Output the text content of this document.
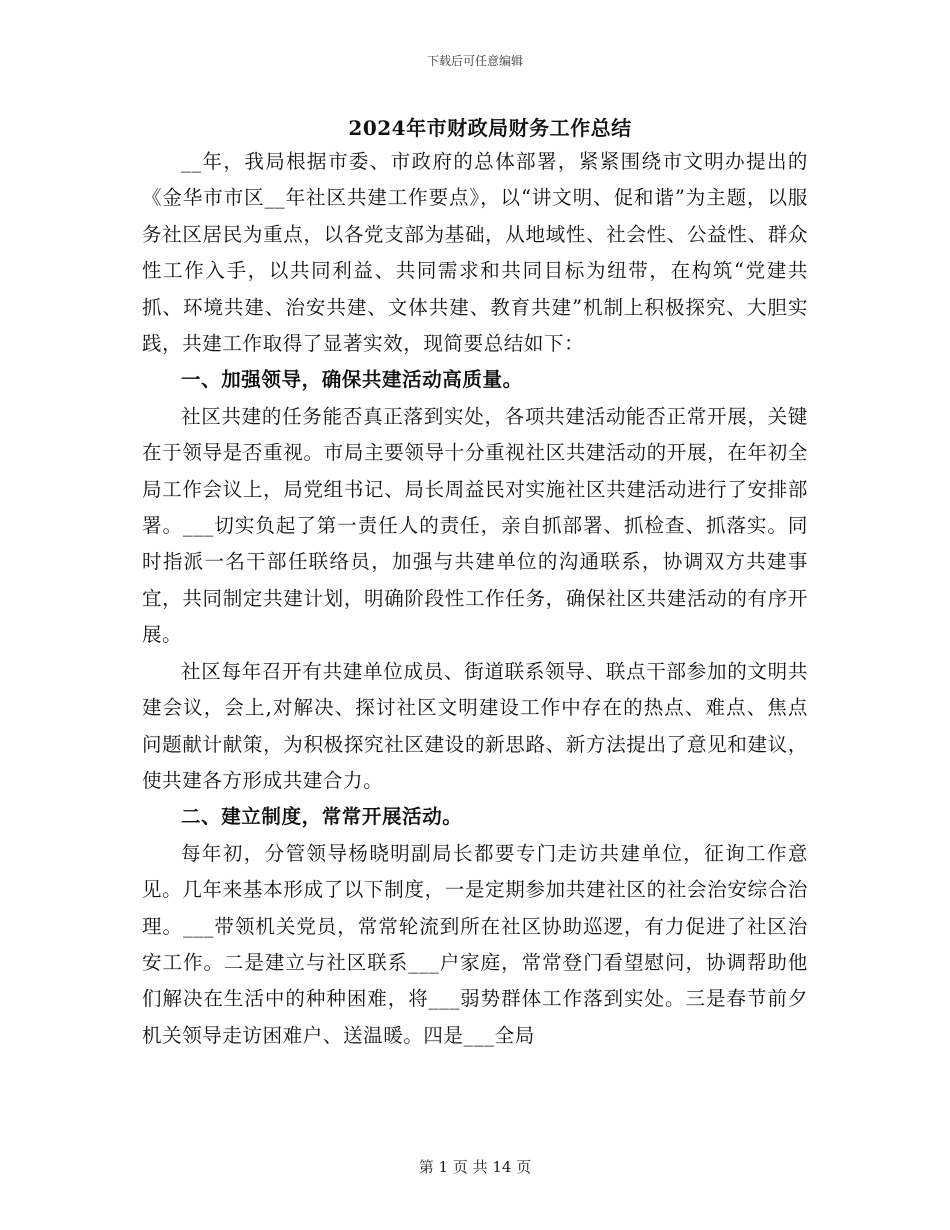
下载后可任意编辑
2024年市财政局财务工作总结

__年，我局根据市委、市政府的总体部署，紧紧围绕市文明办提出的《金华市市区__年社区共建工作要点》，以“讲文明、促和谐”为主题，以服务社区居民为重点，以各党支部为基础，从地域性、社会性、公益性、群众性工作入手，以共同利益、共同需求和共同目标为纽带，在构筑“党建共抓、环境共建、治安共建、文体共建、教育共建”机制上积极探究、大胆实践，共建工作取得了显著实效，现简要总结如下：

一、加强领导，确保共建活动高质量。

社区共建的任务能否真正落到实处，各项共建活动能否正常开展，关键在于领导是否重视。市局主要领导十分重视社区共建活动的开展，在年初全局工作会议上，局党组书记、局长周益民对实施社区共建活动进行了安排部署。___切实负起了第一责任人的责任，亲自抓部署、抓检查、抓落实。同时指派一名干部任联络员，加强与共建单位的沟通联系，协调双方共建事宜，共同制定共建计划，明确阶段性工作任务，确保社区共建活动的有序开展。

社区每年召开有共建单位成员、街道联系领导、联点干部参加的文明共建会议，会上,对解决、探讨社区文明建设工作中存在的热点、难点、焦点问题献计献策，为积极探究社区建设的新思路、新方法提出了意见和建议，使共建各方形成共建合力。

二、建立制度，常常开展活动。

每年初，分管领导杨晓明副局长都要专门走访共建单位，征询工作意见。几年来基本形成了以下制度，一是定期参加共建社区的社会治安综合治理。___带领机关党员，常常轮流到所在社区协助巡逻，有力促进了社区治安工作。二是建立与社区联系___户家庭，常常登门看望慰问，协调帮助他们解决在生活中的种种困难，将___弱势群体工作落到实处。三是春节前夕机关领导走访困难户、送温暖。四是___全局

第 1 页 共 14 页
